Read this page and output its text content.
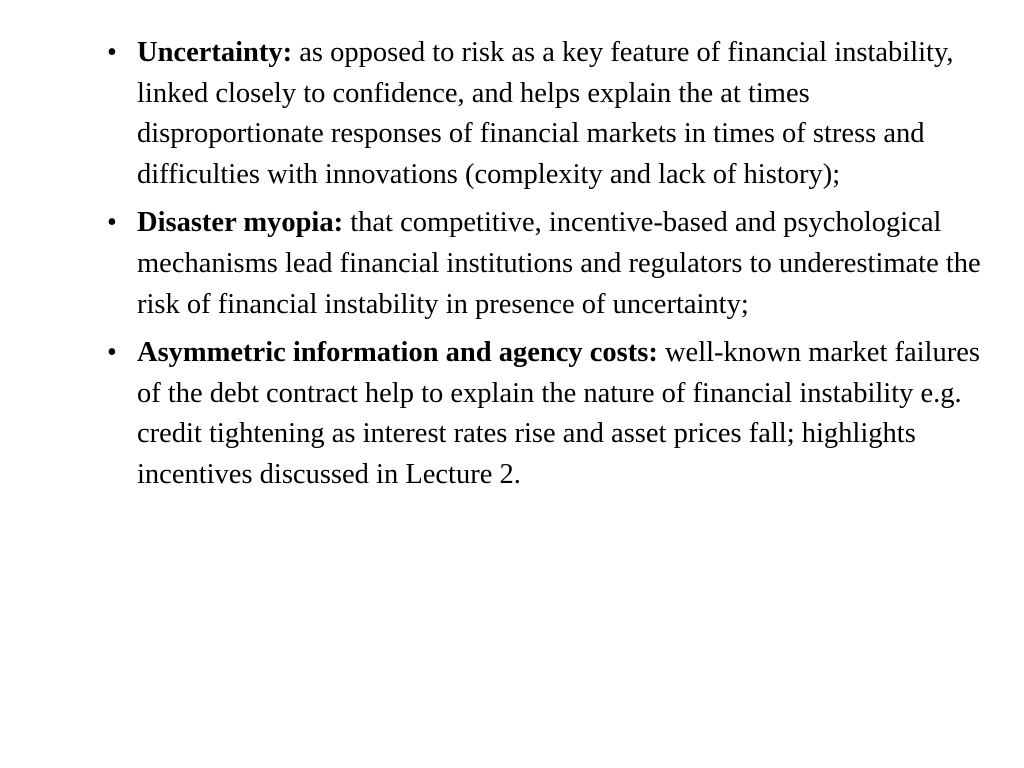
• Uncertainty: as opposed to risk as a key feature of financial instability, linked closely to confidence, and helps explain the at times disproportionate responses of financial markets in times of stress and difficulties with innovations (complexity and lack of history);
• Disaster myopia: that competitive, incentive-based and psychological mechanisms lead financial institutions and regulators to underestimate the risk of financial instability in presence of uncertainty;
• Asymmetric information and agency costs: well-known market failures of the debt contract help to explain the nature of financial instability e.g. credit tightening as interest rates rise and asset prices fall; highlights incentives discussed in Lecture 2.
